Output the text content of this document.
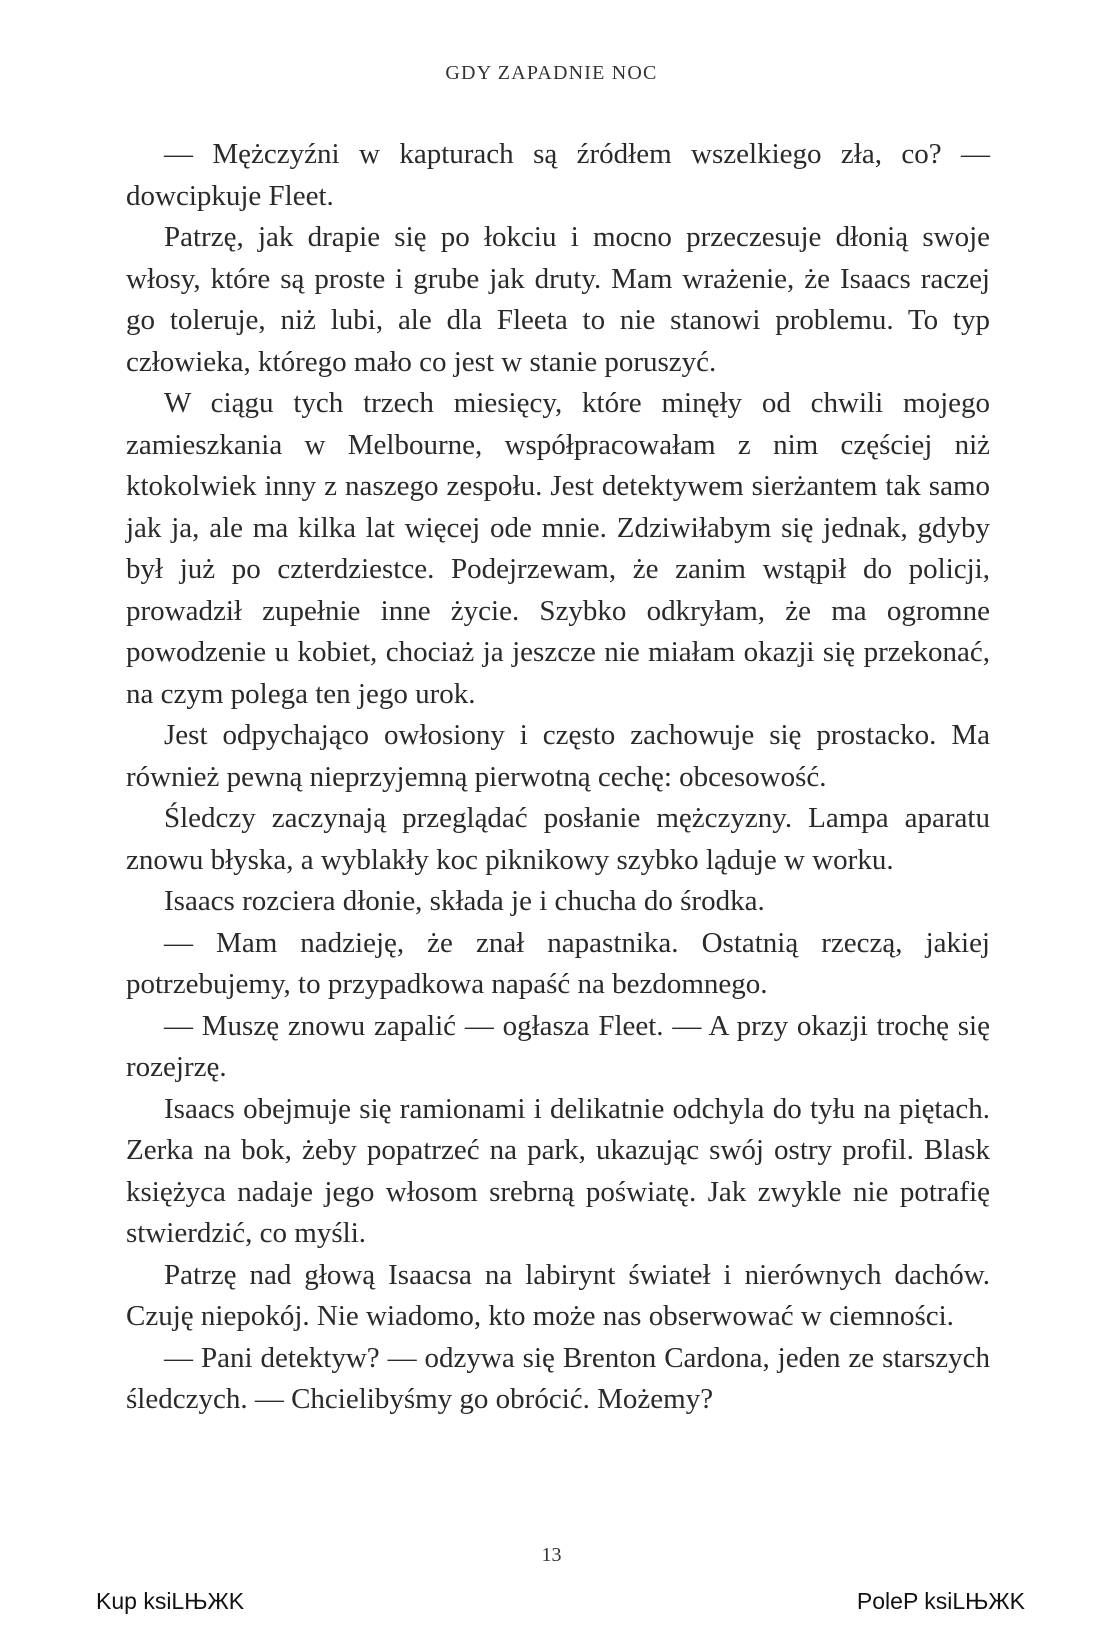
GDY ZAPADNIE NOC

— Mężczyźni w kapturach są źródłem wszelkiego zła, co? — dowcipkuje Fleet.

Patrzę, jak drapie się po łokciu i mocno przeczesuje dłonią swoje włosy, które są proste i grube jak druty. Mam wrażenie, że Isaacs raczej go toleruje, niż lubi, ale dla Fleeta to nie stanowi problemu. To typ człowieka, którego mało co jest w stanie poruszyć.

W ciągu tych trzech miesięcy, które minęły od chwili mojego zamieszkania w Melbourne, współpracowałam z nim częściej niż ktokolwiek inny z naszego zespołu. Jest detektywem sierżantem tak samo jak ja, ale ma kilka lat więcej ode mnie. Zdziwiłabym się jednak, gdyby był już po czterdziestce. Podejrzewam, że zanim wstąpił do policji, prowadził zupełnie inne życie. Szybko odkryłam, że ma ogromne powodzenie u kobiet, chociaż ja jeszcze nie miałam okazji się przekonać, na czym polega ten jego urok.

Jest odpychająco owłosiony i często zachowuje się prostacko. Ma również pewną nieprzyjemną pierwotną cechę: obcesowość.

Śledczy zaczynają przeglądać posłanie mężczyzny. Lampa aparatu znowu błyska, a wyblakły koc piknikowy szybko ląduje w worku.

Isaacs rozciera dłonie, składa je i chucha do środka.

— Mam nadzieję, że znał napastnika. Ostatnią rzeczą, jakiej potrzebujemy, to przypadkowa napaść na bezdomnego.

— Muszę znowu zapalić — ogłasza Fleet. — A przy okazji trochę się rozejrzę.

Isaacs obejmuje się ramionami i delikatnie odchyla do tyłu na piętach. Zerka na bok, żeby popatrzeć na park, ukazując swój ostry profil. Blask księżyca nadaje jego włosom srebrną poświatę. Jak zwykle nie potrafię stwierdzić, co myśli.

Patrzę nad głową Isaacsa na labirynt świateł i nierównych dachów. Czuję niepokój. Nie wiadomo, kto może nas obserwować w ciemności.

— Pani detektyw? — odzywa się Brenton Cardona, jeden ze starszych śledczych. — Chcielibyśmy go obrócić. Możemy?

13
Kup ksiLЊЖK	PoleP ksiLЊЖK
